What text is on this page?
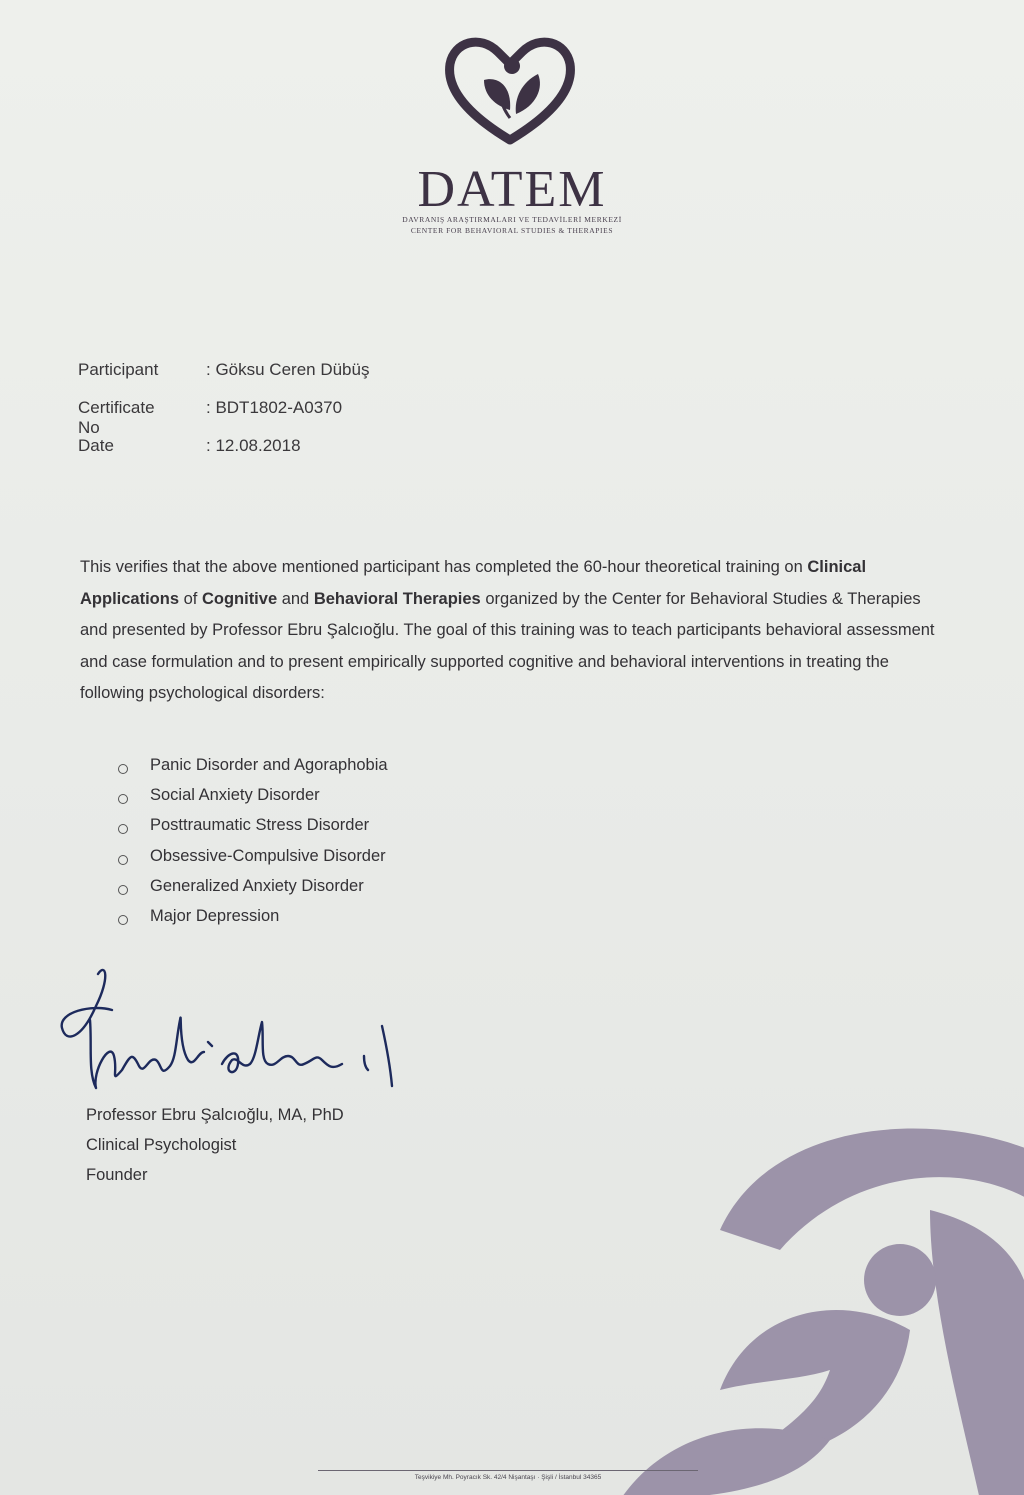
DATEM
DAVRANIŞ ARAŞTIRMALARI VE TEDAVİLERİ MERKEZİ
CENTER FOR BEHAVIORAL STUDIES & THERAPIES
Participant	: Göksu Ceren Dübüş
Certificate No
: BDT1802-A0370
Date	: 12.08.2018
This verifies that the above mentioned participant has completed the 60-hour theoretical training on Clinical Applications of Cognitive and Behavioral Therapies organized by the Center for Behavioral Studies & Therapies and presented by Professor Ebru Şalcıoğlu. The goal of this training was to teach participants behavioral assessment and case formulation and to present empirically supported cognitive and behavioral interventions in treating the following psychological disorders:
Panic Disorder and Agoraphobia
Social Anxiety Disorder
Posttraumatic Stress Disorder
Obsessive-Compulsive Disorder
Generalized Anxiety Disorder
Major Depression
Professor Ebru Şalcıoğlu, MA, PhD
Clinical Psychologist
Founder
Teşvikiye Mh. Poyracık Sk. 42/4 Nişantaşı · Şişli / İstanbul 34365
